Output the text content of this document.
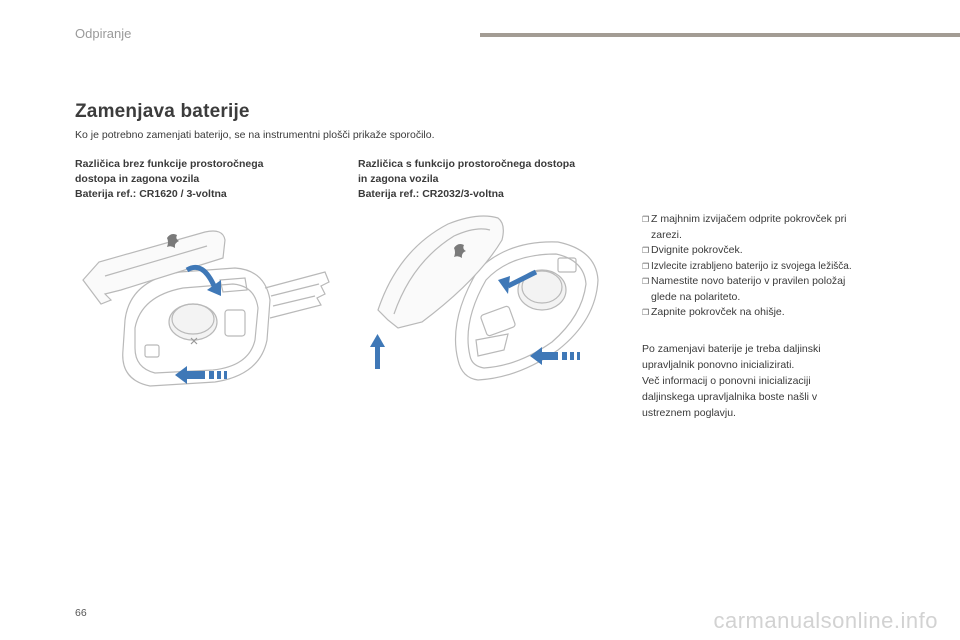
Odpiranje
Zamenjava baterije
Ko je potrebno zamenjati baterijo, se na instrumentni plošči prikaže sporočilo.
Različica brez funkcije prostoročnega
dostopa in zagona vozila
Baterija ref.: CR1620 / 3-voltna
Različica s funkcijo prostoročnega dostopa
in zagona vozila
Baterija ref.: CR2032/3-voltna
❐ Z majhnim izvijačem odprite pokrovček pri
zarezi.
❐ Dvignite pokrovček.
❐ Izvlecite izrabljeno baterijo iz svojega ležišča.
❐ Namestite novo baterijo v pravilen položaj
glede na polariteto.
❐ Zapnite pokrovček na ohišje.
Po zamenjavi baterije je treba daljinski
upravljalnik ponovno inicializirati.
Več informacij o ponovni inicializaciji
daljinskega upravljalnika boste našli v
ustreznem poglavju.
66	carmanualsonline.info
